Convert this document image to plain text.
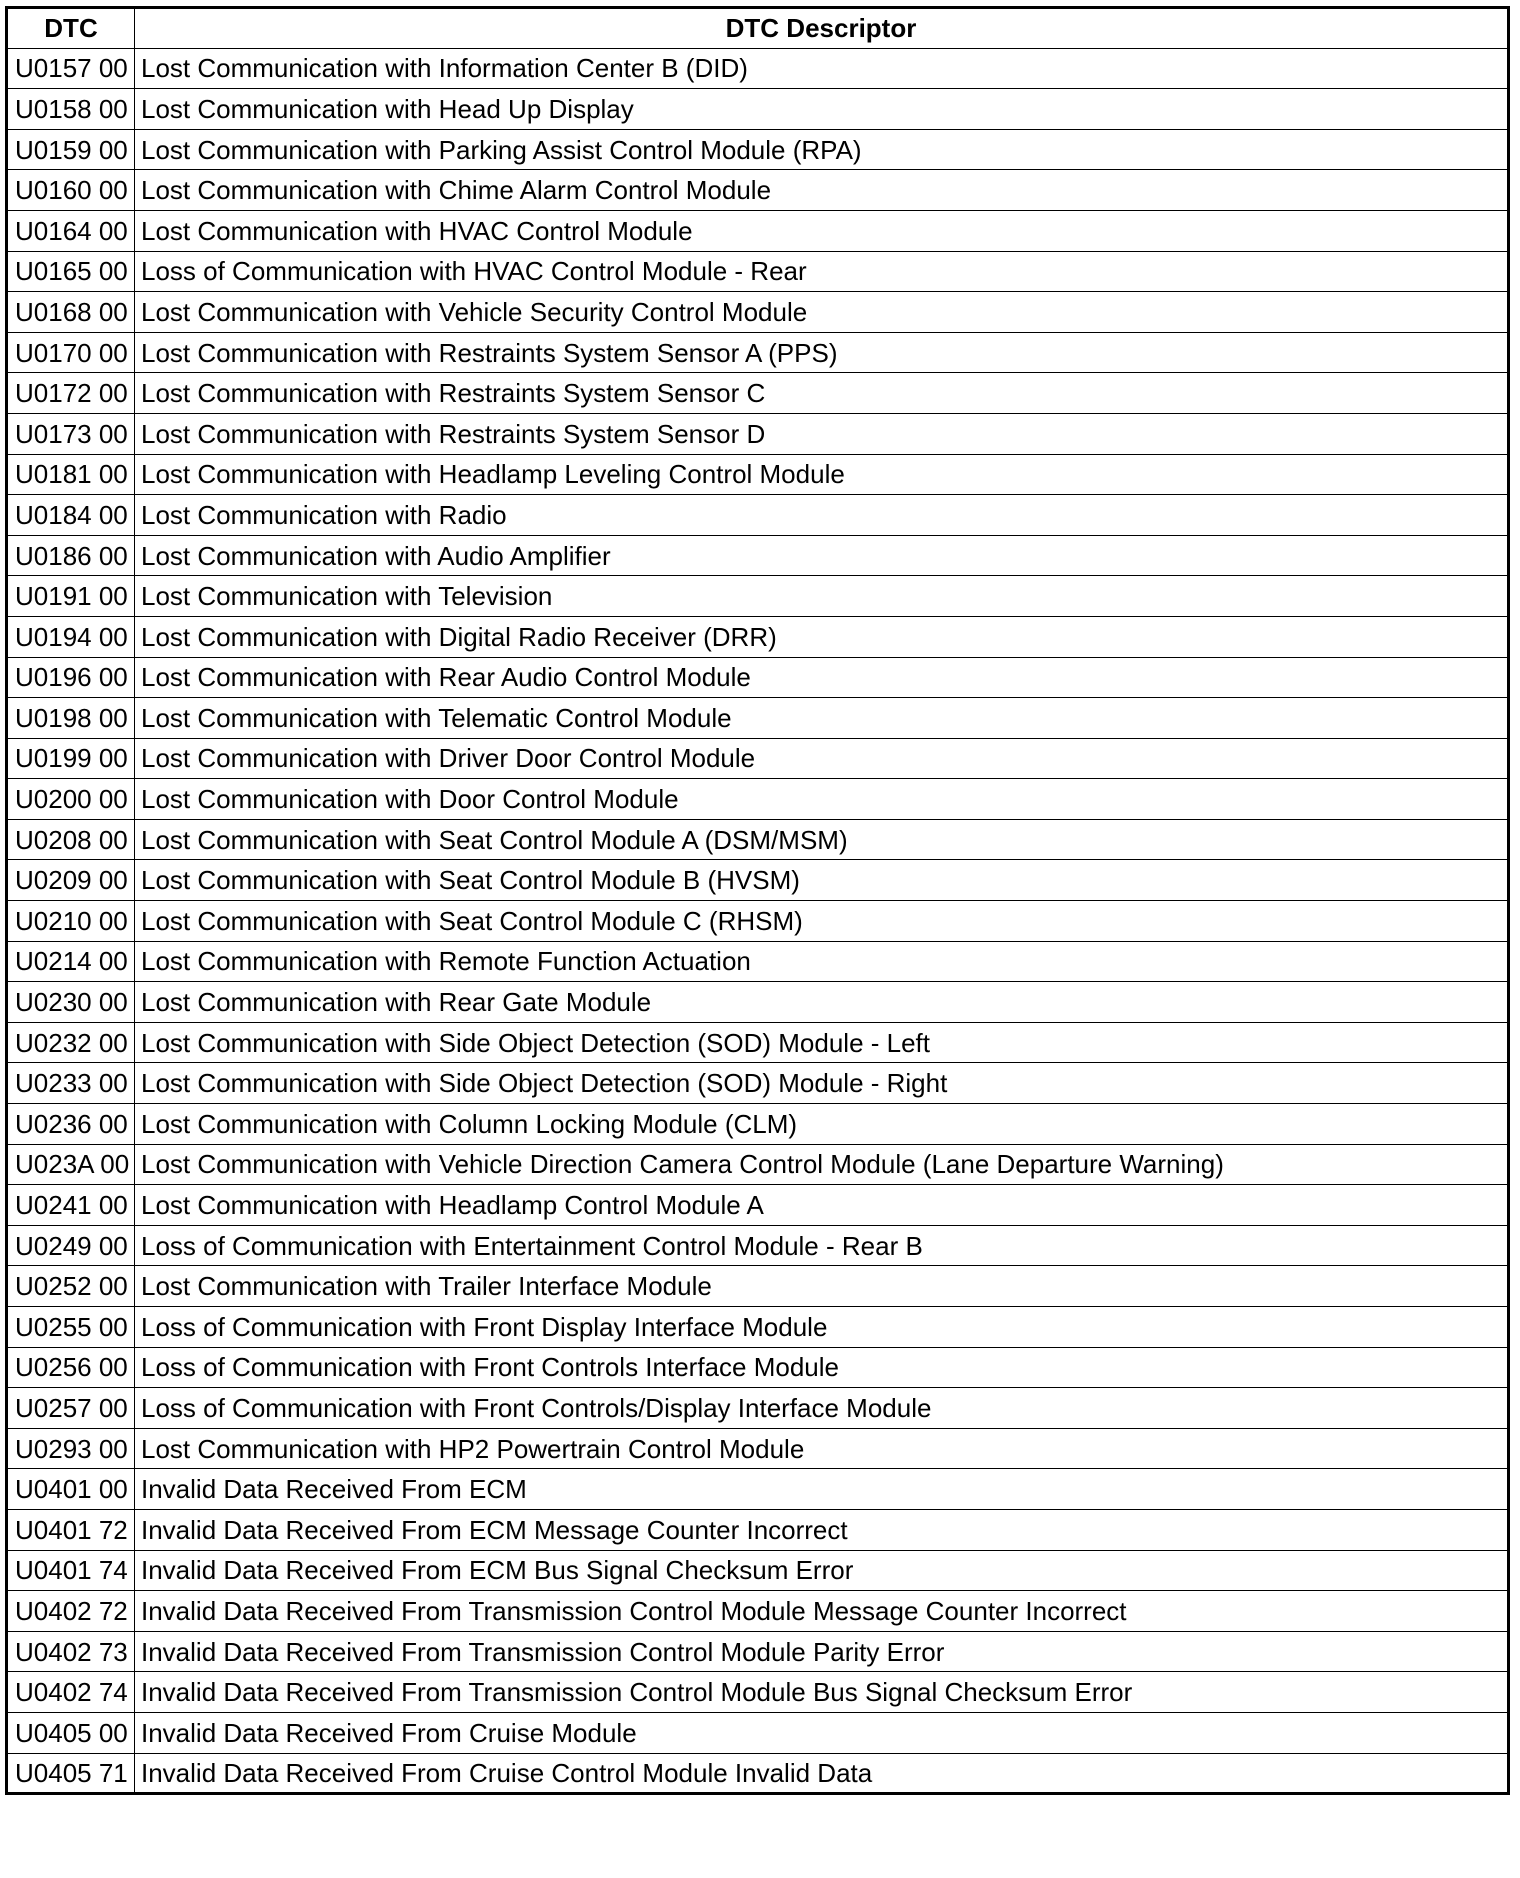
DTC	DTC Descriptor
U0157 00	Lost Communication with Information Center B (DID)
U0158 00	Lost Communication with Head Up Display
U0159 00	Lost Communication with Parking Assist Control Module (RPA)
U0160 00	Lost Communication with Chime Alarm Control Module
U0164 00	Lost Communication with HVAC Control Module
U0165 00	Loss of Communication with HVAC Control Module - Rear
U0168 00	Lost Communication with Vehicle Security Control Module
U0170 00	Lost Communication with Restraints System Sensor A (PPS)
U0172 00	Lost Communication with Restraints System Sensor C
U0173 00	Lost Communication with Restraints System Sensor D
U0181 00	Lost Communication with Headlamp Leveling Control Module
U0184 00	Lost Communication with Radio
U0186 00	Lost Communication with Audio Amplifier
U0191 00	Lost Communication with Television
U0194 00	Lost Communication with Digital Radio Receiver (DRR)
U0196 00	Lost Communication with Rear Audio Control Module
U0198 00	Lost Communication with Telematic Control Module
U0199 00	Lost Communication with Driver Door Control Module
U0200 00	Lost Communication with Door Control Module
U0208 00	Lost Communication with Seat Control Module A (DSM/MSM)
U0209 00	Lost Communication with Seat Control Module B (HVSM)
U0210 00	Lost Communication with Seat Control Module C (RHSM)
U0214 00	Lost Communication with Remote Function Actuation
U0230 00	Lost Communication with Rear Gate Module
U0232 00	Lost Communication with Side Object Detection (SOD) Module - Left
U0233 00	Lost Communication with Side Object Detection (SOD) Module - Right
U0236 00	Lost Communication with Column Locking Module (CLM)
U023A 00	Lost Communication with Vehicle Direction Camera Control Module (Lane Departure Warning)
U0241 00	Lost Communication with Headlamp Control Module A
U0249 00	Loss of Communication with Entertainment Control Module - Rear B
U0252 00	Lost Communication with Trailer Interface Module
U0255 00	Loss of Communication with Front Display Interface Module
U0256 00	Loss of Communication with Front Controls Interface Module
U0257 00	Loss of Communication with Front Controls/Display Interface Module
U0293 00	Lost Communication with HP2 Powertrain Control Module
U0401 00	Invalid Data Received From ECM
U0401 72	Invalid Data Received From ECM Message Counter Incorrect
U0401 74	Invalid Data Received From ECM Bus Signal Checksum Error
U0402 72	Invalid Data Received From Transmission Control Module Message Counter Incorrect
U0402 73	Invalid Data Received From Transmission Control Module Parity Error
U0402 74	Invalid Data Received From Transmission Control Module Bus Signal Checksum Error
U0405 00	Invalid Data Received From Cruise Module
U0405 71	Invalid Data Received From Cruise Control Module Invalid Data
